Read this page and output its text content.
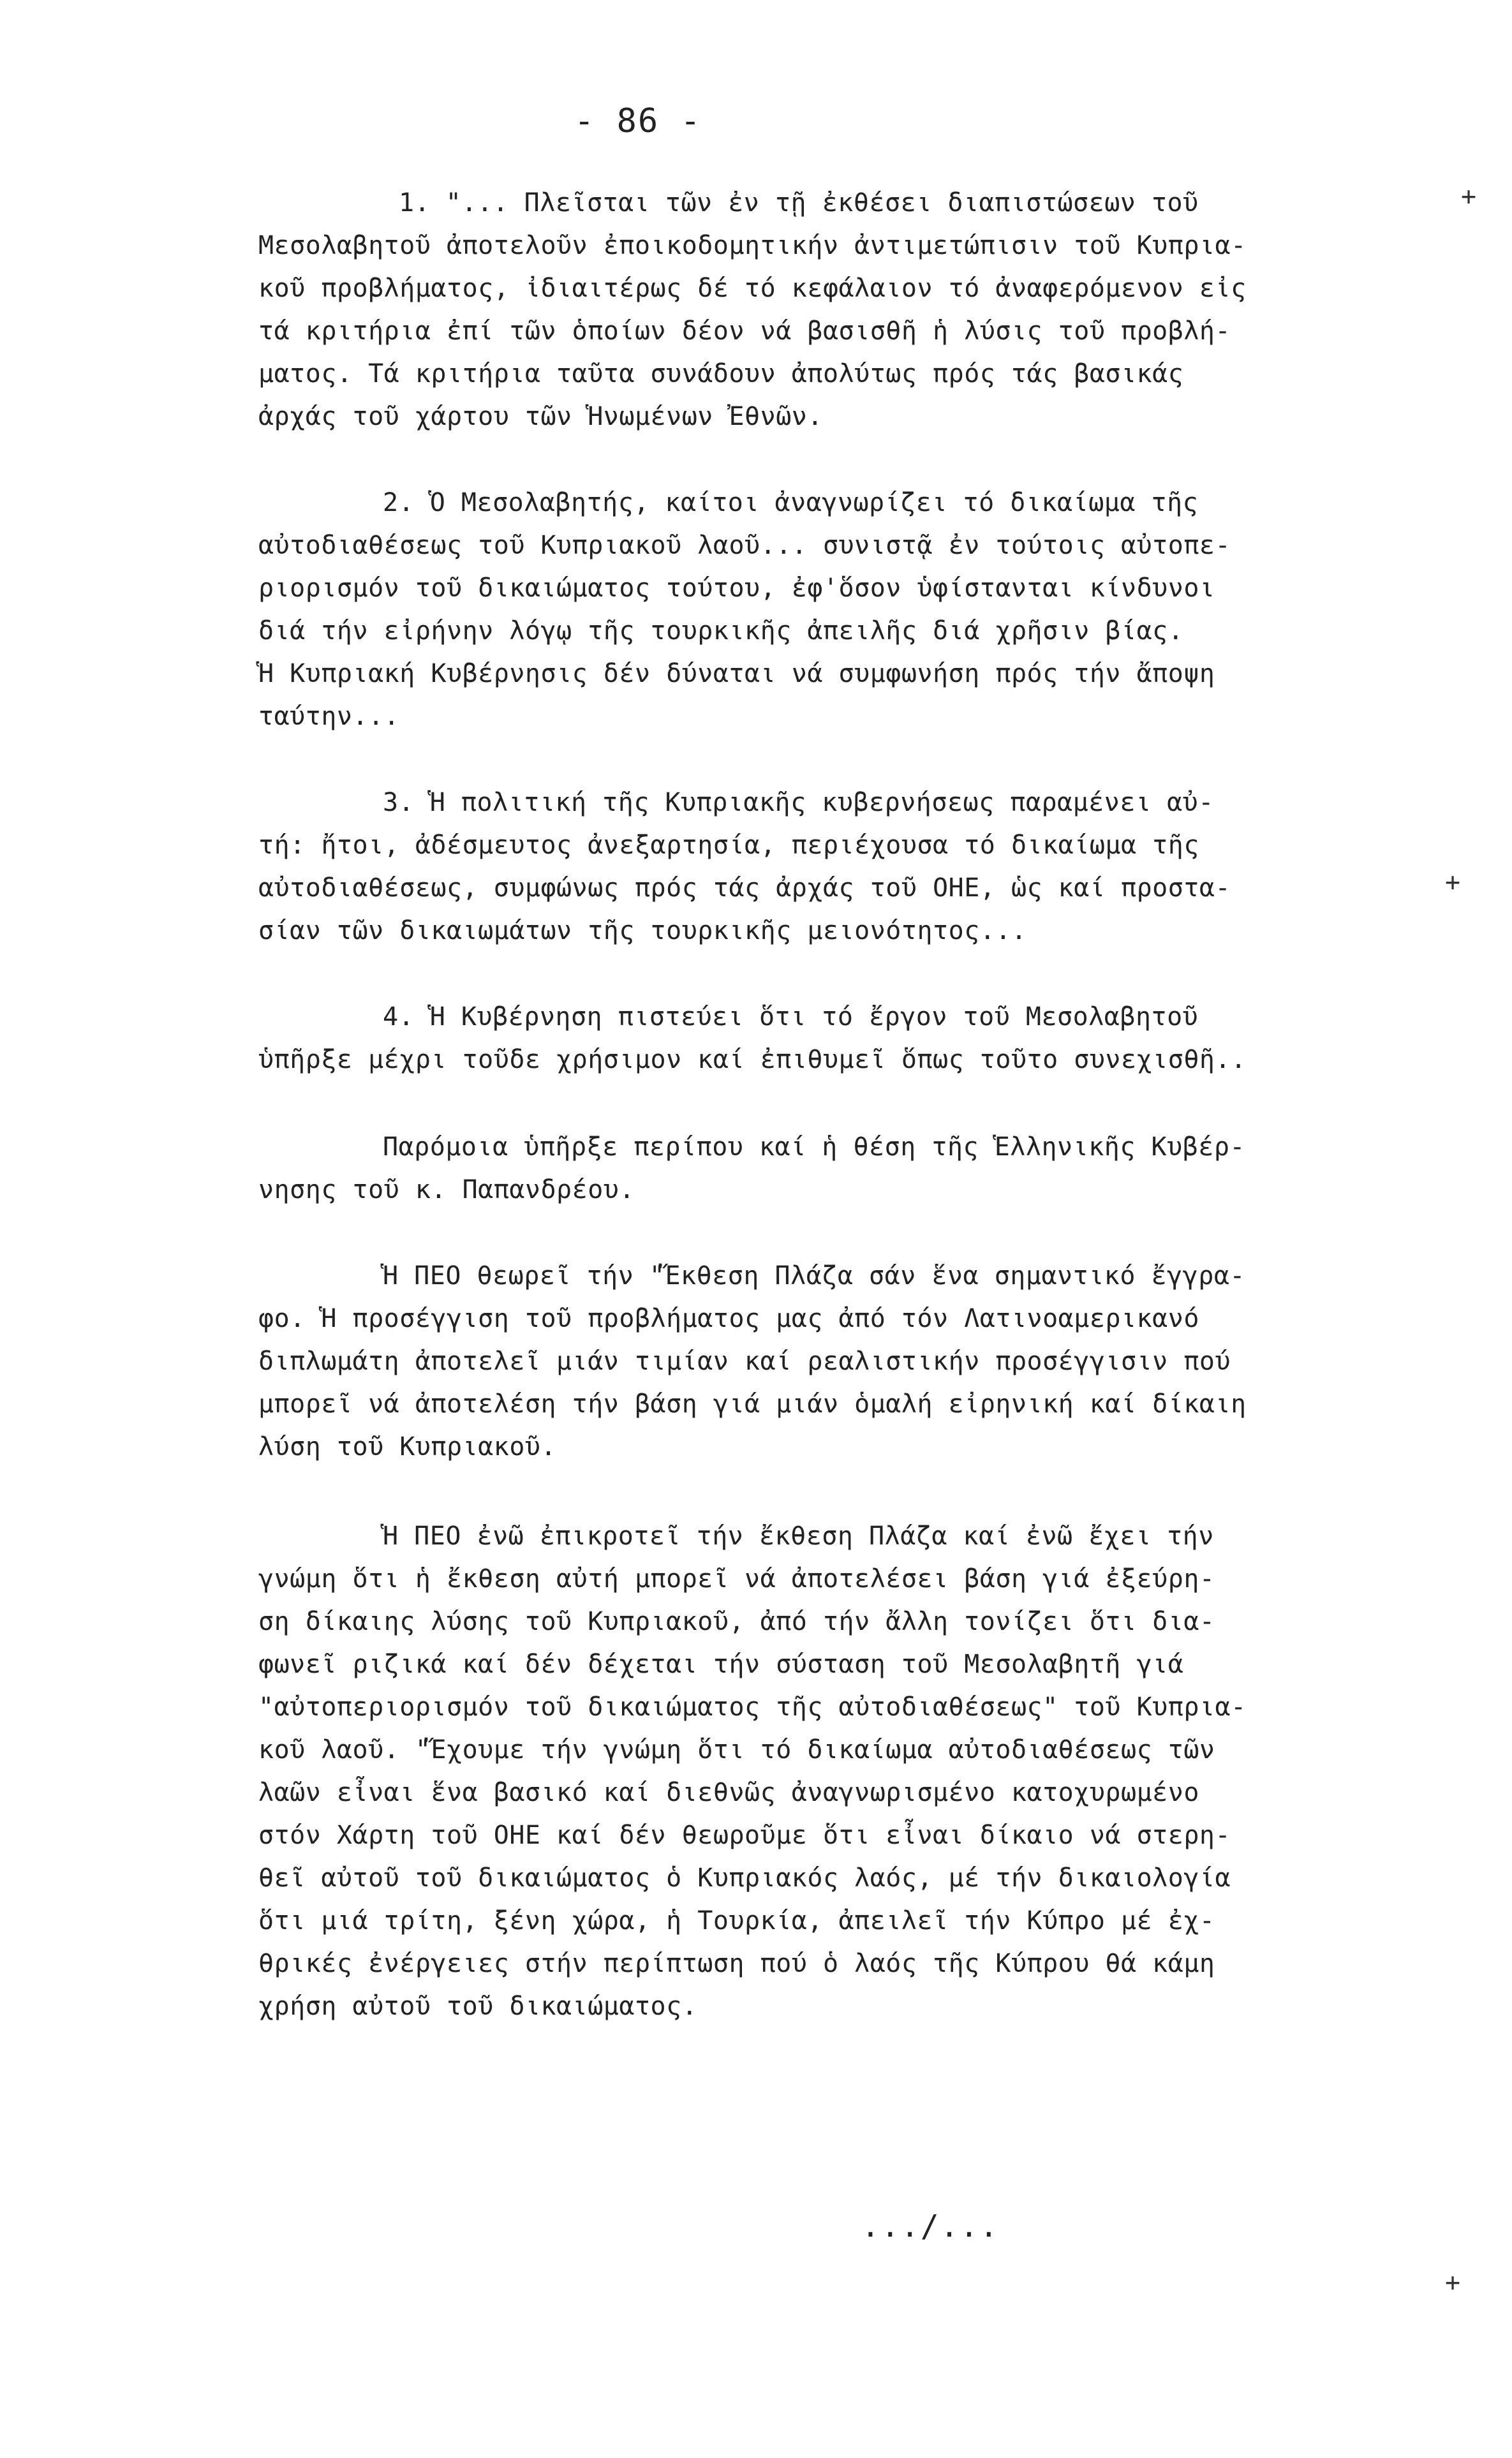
- 86 -
1. "... Πλεῖσται τῶν ἐν τῇ ἐκθέσει διαπιστώσεων τοῦ
Μεσολαβητοῦ ἀποτελοῦν ἐποικοδομητικήν ἀντιμετώπισιν τοῦ Κυπρια-
κοῦ προβλήματος, ἰδιαιτέρως δέ τό κεφάλαιον τό ἀναφερόμενον εἰς
τά κριτήρια ἐπί τῶν ὁποίων δέον νά βασισθῆ ἡ λύσις τοῦ προβλή-
ματος. Τά κριτήρια ταῦτα συνάδουν ἀπολύτως πρός τάς βασικάς
ἀρχάς τοῦ χάρτου τῶν Ἡνωμένων Ἐθνῶν.
2. Ὁ Μεσολαβητής, καίτοι ἀναγνωρίζει τό δικαίωμα τῆς
αὐτοδιαθέσεως τοῦ Κυπριακοῦ λαοῦ... συνιστᾷ ἐν τούτοις αὐτοπε-
ριορισμόν τοῦ δικαιώματος τούτου, ἐφ'ὅσον ὑφίστανται κίνδυνοι
διά τήν εἰρήνην λόγῳ τῆς τουρκικῆς ἀπειλῆς διά χρῆσιν βίας.
Ἡ Κυπριακή Κυβέρνησις δέν δύναται νά συμφωνήση πρός τήν ἄποψη
ταύτην...
3. Ἡ πολιτική τῆς Κυπριακῆς κυβερνήσεως παραμένει αὐ-
τή: ἤτοι, ἀδέσμευτος ἀνεξαρτησία, περιέχουσα τό δικαίωμα τῆς
αὐτοδιαθέσεως, συμφώνως πρός τάς ἀρχάς τοῦ ΟΗΕ, ὡς καί προστα-
σίαν τῶν δικαιωμάτων τῆς τουρκικῆς μειονότητος...
4. Ἡ Κυβέρνηση πιστεύει ὅτι τό ἔργον τοῦ Μεσολαβητοῦ
ὑπῆρξε μέχρι τοῦδε χρήσιμον καί ἐπιθυμεῖ ὅπως τοῦτο συνεχισθῆ..
Παρόμοια ὑπῆρξε περίπου καί ἡ θέση τῆς Ἑλληνικῆς Κυβέρ-
νησης τοῦ κ. Παπανδρέου.
Ἡ ΠΕΟ θεωρεῖ τήν "Ἔκθεση Πλάζα σάν ἕνα σημαντικό ἔγγρα-
φο. Ἡ προσέγγιση τοῦ προβλήματος μας ἀπό τόν Λατινοαμερικανό
διπλωμάτη ἀποτελεῖ μιάν τιμίαν καί ρεαλιστικήν προσέγγισιν πού
μπορεῖ νά ἀποτελέση τήν βάση γιά μιάν ὁμαλή εἰρηνική καί δίκαιη
λύση τοῦ Κυπριακοῦ.
Ἡ ΠΕΟ ἐνῶ ἐπικροτεῖ τήν ἔκθεση Πλάζα καί ἐνῶ ἔχει τήν
γνώμη ὅτι ἡ ἔκθεση αὐτή μπορεῖ νά ἀποτελέσει βάση γιά ἐξεύρη-
ση δίκαιης λύσης τοῦ Κυπριακοῦ, ἀπό τήν ἄλλη τονίζει ὅτι δια-
φωνεῖ ριζικά καί δέν δέχεται τήν σύσταση τοῦ Μεσολαβητῆ γιά
"αὐτοπεριορισμόν τοῦ δικαιώματος τῆς αὐτοδιαθέσεως" τοῦ Κυπρια-
κοῦ λαοῦ. "Ἔχουμε τήν γνώμη ὅτι τό δικαίωμα αὐτοδιαθέσεως τῶν
λαῶν εἶναι ἕνα βασικό καί διεθνῶς ἀναγνωρισμένο κατοχυρωμένο
στόν Χάρτη τοῦ ΟΗΕ καί δέν θεωροῦμε ὅτι εἶναι δίκαιο νά στερη-
θεῖ αὐτοῦ τοῦ δικαιώματος ὁ Κυπριακός λαός, μέ τήν δικαιολογία
ὅτι μιά τρίτη, ξένη χώρα, ἡ Τουρκία, ἀπειλεῖ τήν Κύπρο μέ ἐχ-
θρικές ἐνέργειες στήν περίπτωση πού ὁ λαός τῆς Κύπρου θά κάμη
χρήση αὐτοῦ τοῦ δικαιώματος.
.../...
+
+
+
